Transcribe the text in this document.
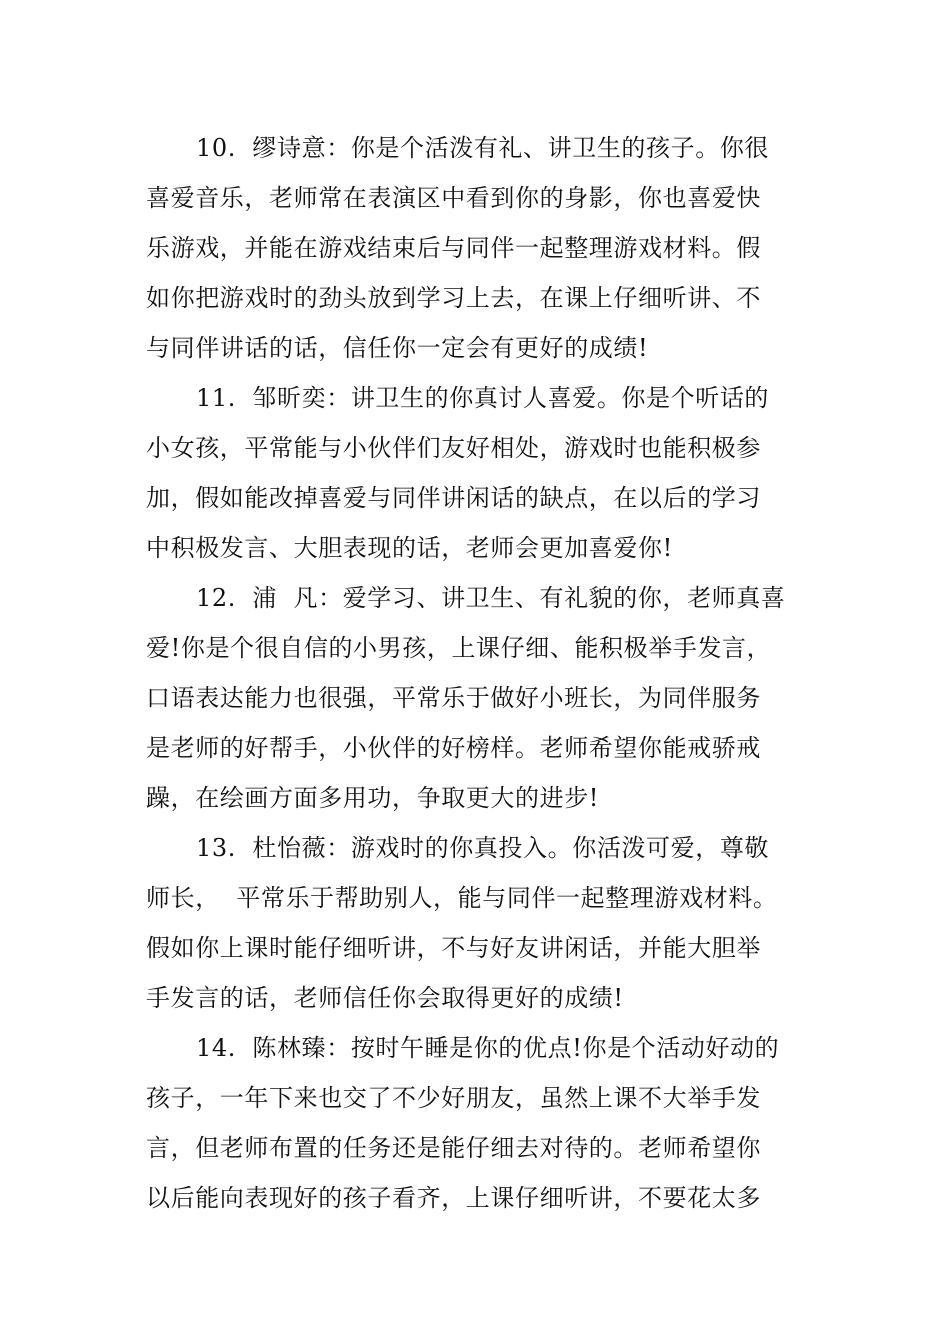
10.  缪诗意：你是个活泼有礼、讲卫生的孩子。你很
喜爱音乐，老师常在表演区中看到你的身影，你也喜爱快
乐游戏，并能在游戏结束后与同伴一起整理游戏材料。假
如你把游戏时的劲头放到学习上去，在课上仔细听讲、不
与同伴讲话的话，信任你一定会有更好的成绩!
11.  邹昕奕：讲卫生的你真讨人喜爱。你是个听话的
小女孩，平常能与小伙伴们友好相处，游戏时也能积极参
加，假如能改掉喜爱与同伴讲闲话的缺点，在以后的学习
中积极发言、大胆表现的话，老师会更加喜爱你!
12.  浦  凡：爱学习、讲卫生、有礼貌的你，老师真喜
爱!你是个很自信的小男孩，上课仔细、能积极举手发言，
口语表达能力也很强，平常乐于做好小班长，为同伴服务
是老师的好帮手，小伙伴的好榜样。老师希望你能戒骄戒
躁，在绘画方面多用功，争取更大的进步!
13.  杜怡薇：游戏时的你真投入。你活泼可爱，尊敬
师长，  平常乐于帮助别人，能与同伴一起整理游戏材料。
假如你上课时能仔细听讲，不与好友讲闲话，并能大胆举
手发言的话，老师信任你会取得更好的成绩!
14.  陈林臻：按时午睡是你的优点!你是个活动好动的
孩子，一年下来也交了不少好朋友，虽然上课不大举手发
言，但老师布置的任务还是能仔细去对待的。老师希望你
以后能向表现好的孩子看齐，上课仔细听讲，不要花太多
